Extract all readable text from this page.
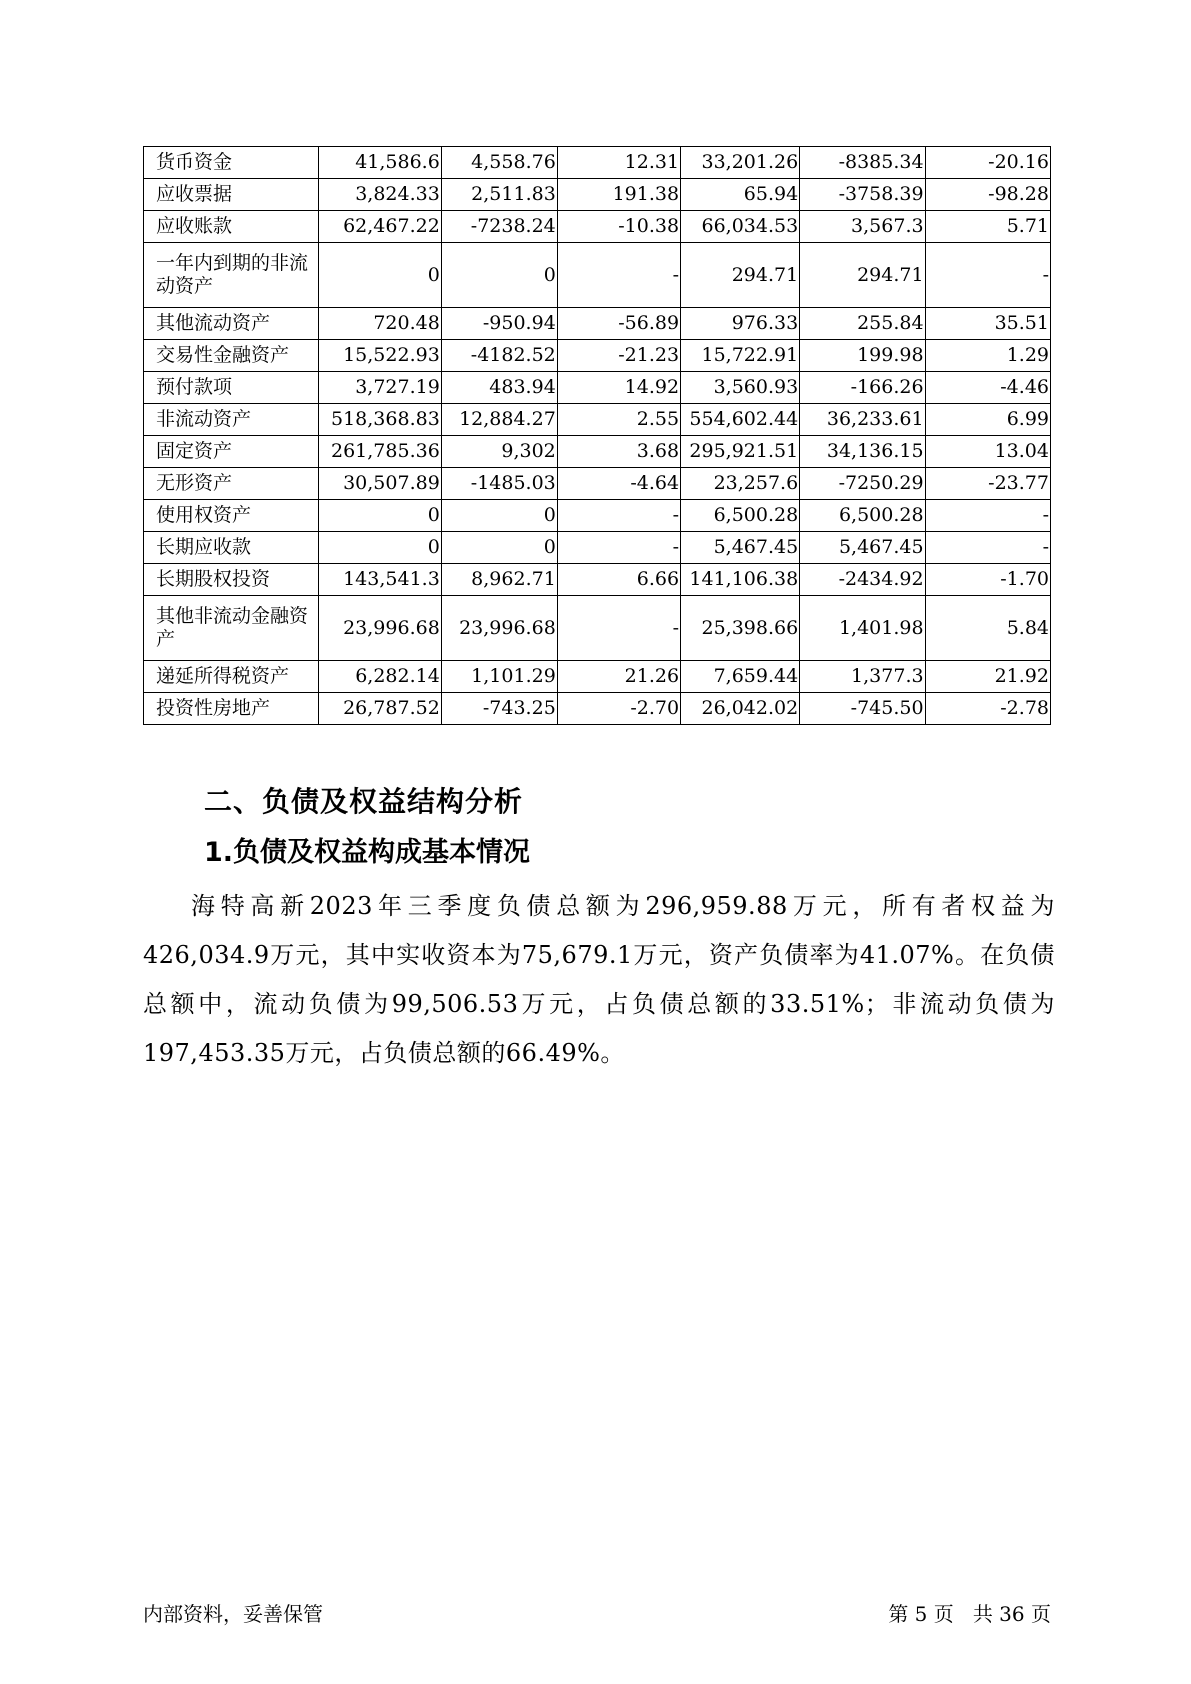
货币资金	41,586.6	4,558.76	12.31	33,201.26	-8385.34	-20.16
应收票据	3,824.33	2,511.83	191.38	65.94	-3758.39	-98.28
应收账款	62,467.22	-7238.24	-10.38	66,034.53	3,567.3	5.71
一年内到期的非流动资产	0	0	-	294.71	294.71	-
其他流动资产	720.48	-950.94	-56.89	976.33	255.84	35.51
交易性金融资产	15,522.93	-4182.52	-21.23	15,722.91	199.98	1.29
预付款项	3,727.19	483.94	14.92	3,560.93	-166.26	-4.46
非流动资产	518,368.83	12,884.27	2.55	554,602.44	36,233.61	6.99
固定资产	261,785.36	9,302	3.68	295,921.51	34,136.15	13.04
无形资产	30,507.89	-1485.03	-4.64	23,257.6	-7250.29	-23.77
使用权资产	0	0	-	6,500.28	6,500.28	-
长期应收款	0	0	-	5,467.45	5,467.45	-
长期股权投资	143,541.3	8,962.71	6.66	141,106.38	-2434.92	-1.70
其他非流动金融资产	23,996.68	23,996.68	-	25,398.66	1,401.98	5.84
递延所得税资产	6,282.14	1,101.29	21.26	7,659.44	1,377.3	21.92
投资性房地产	26,787.52	-743.25	-2.70	26,042.02	-745.50	-2.78
二、负债及权益结构分析
1.负债及权益构成基本情况

海特高新2023年三季度负债总额为296,959.88万元，所有者权益为426,034.9万元，其中实收资本为75,679.1万元，资产负债率为41.07%。在负债总额中，流动负债为99,506.53万元，占负债总额的33.51%；非流动负债为197,453.35万元，占负债总额的66.49%。

内部资料，妥善保管	第 5 页   共 36 页
